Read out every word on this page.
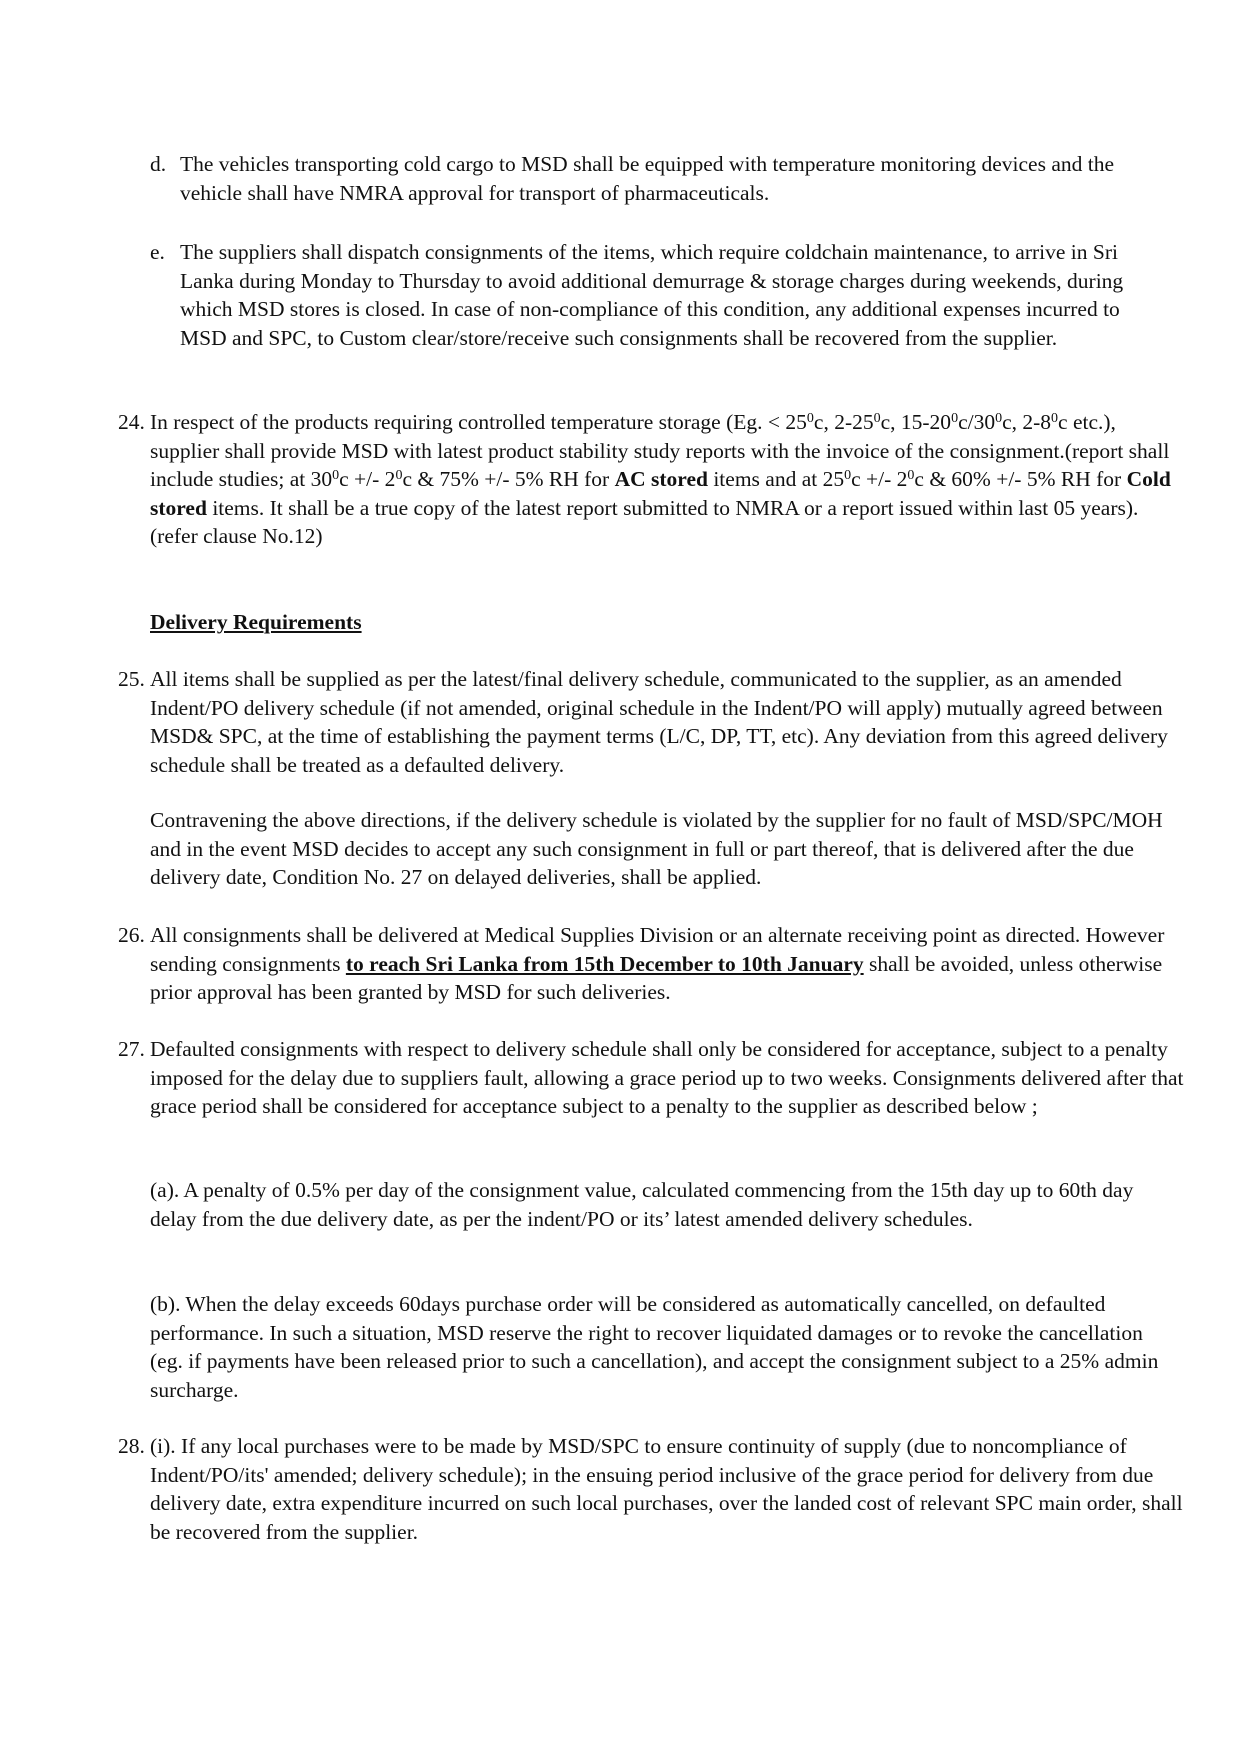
d. The vehicles transporting cold cargo to MSD shall be equipped with temperature monitoring devices and the vehicle shall have NMRA approval for transport of pharmaceuticals.

e. The suppliers shall dispatch consignments of the items, which require coldchain maintenance, to arrive in Sri Lanka during Monday to Thursday to avoid additional demurrage & storage charges during weekends, during which MSD stores is closed. In case of non-compliance of this condition, any additional expenses incurred to MSD and SPC, to Custom clear/store/receive such consignments shall be recovered from the supplier.

24. In respect of the products requiring controlled temperature storage (Eg. < $25^0c$, $2-25^0c$, $15-20^0c/30^0c$, $2-8^0c$ etc.), supplier shall provide MSD with latest product stability study reports with the invoice of the consignment.(report shall include studies; at $30^0c$ +/- $2^0c$ & 75% +/- 5% RH for AC stored items and at $25^0c$ +/- $2^0c$ & 60% +/- 5% RH for Cold stored items. It shall be a true copy of the latest report submitted to NMRA or a report issued within last 05 years).(refer clause No.12)

Delivery Requirements

25. All items shall be supplied as per the latest/final delivery schedule, communicated to the supplier, as an amended Indent/PO delivery schedule (if not amended, original schedule in the Indent/PO will apply) mutually agreed between MSD& SPC, at the time of establishing the payment terms (L/C, DP, TT, etc). Any deviation from this agreed delivery schedule shall be treated as a defaulted delivery.

Contravening the above directions, if the delivery schedule is violated by the supplier for no fault of MSD/SPC/MOH and in the event MSD decides to accept any such consignment in full or part thereof, that is delivered after the due delivery date, Condition No. 27 on delayed deliveries, shall be applied.

26. All consignments shall be delivered at Medical Supplies Division or an alternate receiving point as directed. However sending consignments to reach Sri Lanka from 15th December to 10th January shall be avoided, unless otherwise prior approval has been granted by MSD for such deliveries.

27. Defaulted consignments with respect to delivery schedule shall only be considered for acceptance, subject to a penalty imposed for the delay due to suppliers fault, allowing a grace period up to two weeks. Consignments delivered after that grace period shall be considered for acceptance subject to a penalty to the supplier as described below ;

(a). A penalty of 0.5% per day of the consignment value, calculated commencing from the 15th day up to 60th day delay from the due delivery date, as per the indent/PO or its’ latest amended delivery schedules.

(b). When the delay exceeds 60days purchase order will be considered as automatically cancelled, on defaulted performance. In such a situation, MSD reserve the right to recover liquidated damages or to revoke the cancellation (eg. if payments have been released prior to such a cancellation), and accept the consignment subject to a 25% admin surcharge.

28. (i). If any local purchases were to be made by MSD/SPC to ensure continuity of supply (due to noncompliance of Indent/PO/its' amended; delivery schedule); in the ensuing period inclusive of the grace period for delivery from due delivery date, extra expenditure incurred on such local purchases, over the landed cost of relevant SPC main order, shall be recovered from the supplier.
